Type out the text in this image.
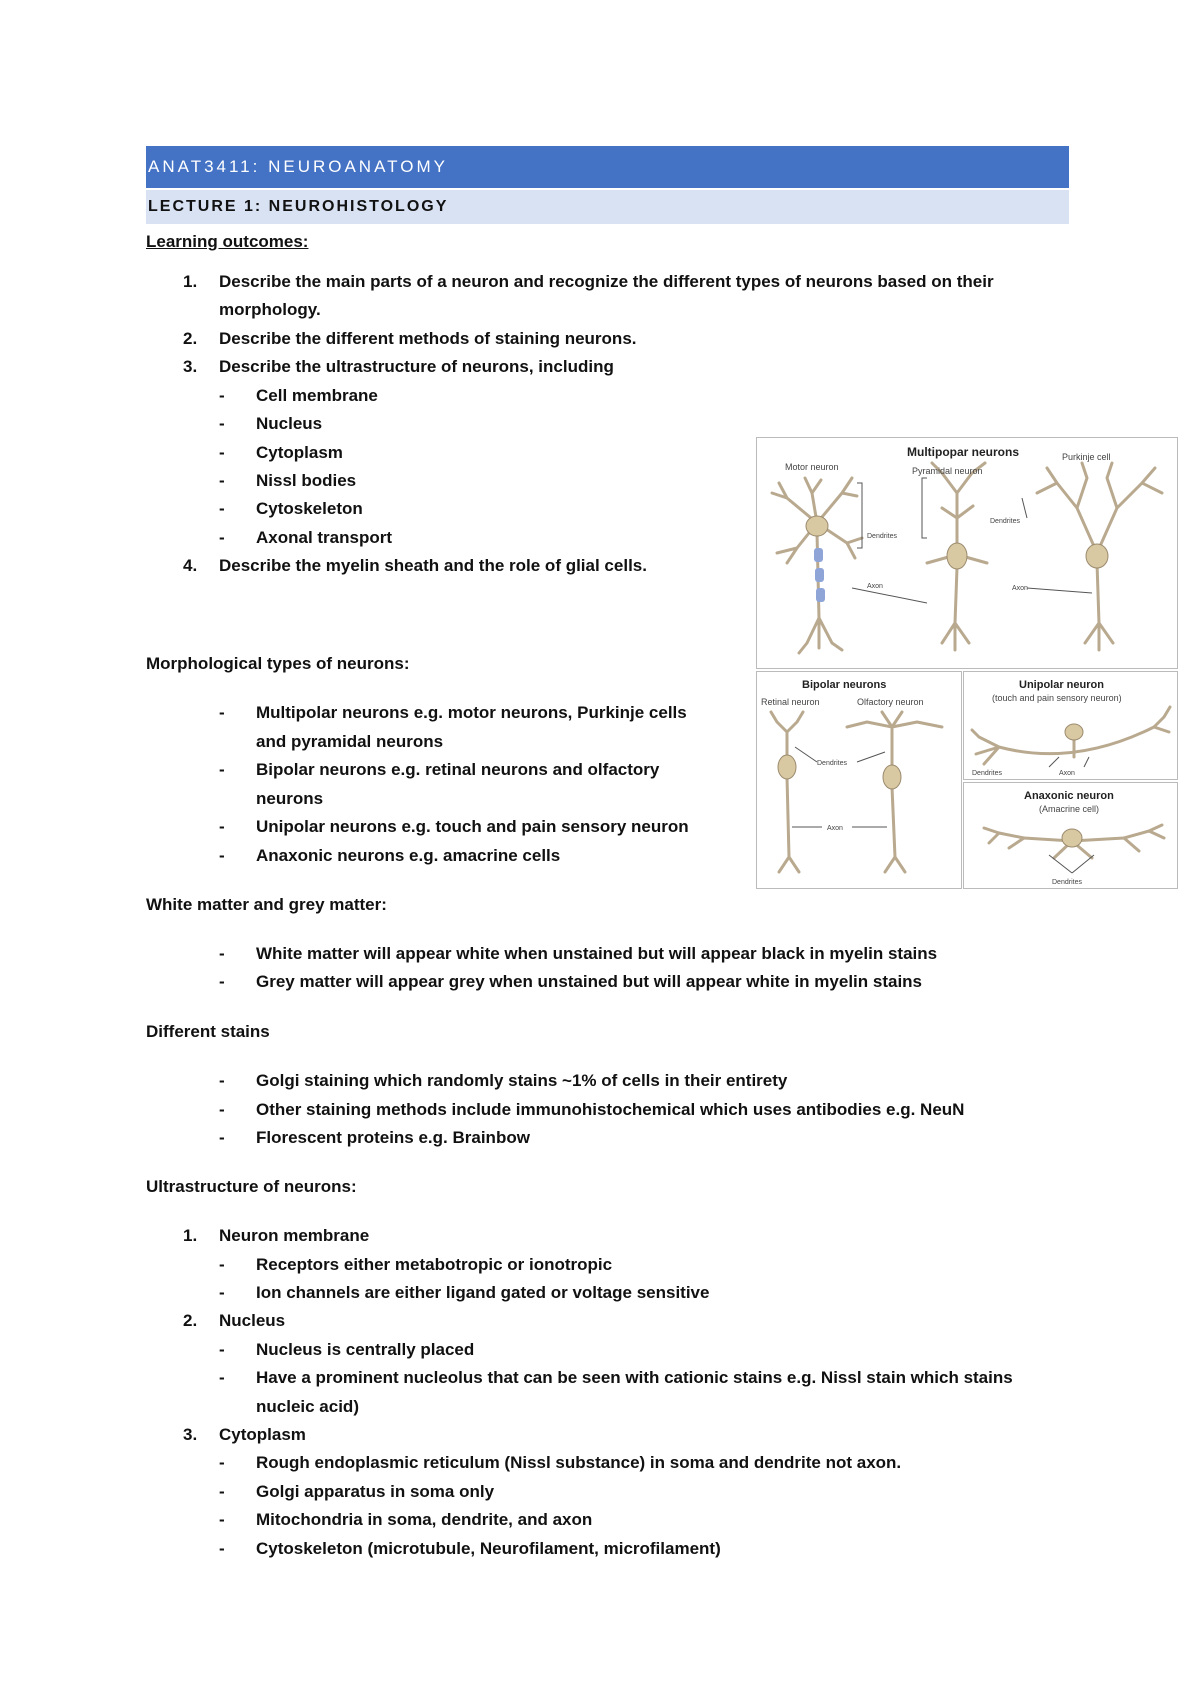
ANAT3411: NEUROANATOMY
LECTURE 1: NEUROHISTOLOGY
Learning outcomes:
1. Describe the main parts of a neuron and recognize the different types of neurons based on their
morphology.
2. Describe the different methods of staining neurons.
3. Describe the ultrastructure of neurons, including
- Cell membrane
- Nucleus
- Cytoplasm
- Nissl bodies
- Cytoskeleton
- Axonal transport
4. Describe the myelin sheath and the role of glial cells.
Morphological types of neurons:
- Multipolar neurons e.g. motor neurons, Purkinje cells
and pyramidal neurons
- Bipolar neurons e.g. retinal neurons and olfactory
neurons
- Unipolar neurons e.g. touch and pain sensory neuron
- Anaxonic neurons e.g. amacrine cells
White matter and grey matter:
- White matter will appear white when unstained but will appear black in myelin stains
- Grey matter will appear grey when unstained but will appear white in myelin stains
Different stains
- Golgi staining which randomly stains ~1% of cells in their entirety
- Other staining methods include immunohistochemical which uses antibodies e.g. NeuN
- Florescent proteins e.g. Brainbow
Ultrastructure of neurons:
1. Neuron membrane
- Receptors either metabotropic or ionotropic
- Ion channels are either ligand gated or voltage sensitive
2. Nucleus
- Nucleus is centrally placed
- Have a prominent nucleolus that can be seen with cationic stains e.g. Nissl stain which stains
nucleic acid)
3. Cytoplasm
- Rough endoplasmic reticulum (Nissl substance) in soma and dendrite not axon.
- Golgi apparatus in soma only
- Mitochondria in soma, dendrite, and axon
- Cytoskeleton (microtubule, Neurofilament, microfilament)
Multipopar neurons
Motor neuron	Pyramidal neuron
Purkinje cell
Dendrites
Dendrites
Axon	Axon
Bipolar neurons
Retinal neuron	Olfactory neuron
Dendrites
Axon
Unipolar neuron
(touch and pain sensory neuron)
Dendrites	Axon
Anaxonic neuron
(Amacrine cell)
Dendrites
